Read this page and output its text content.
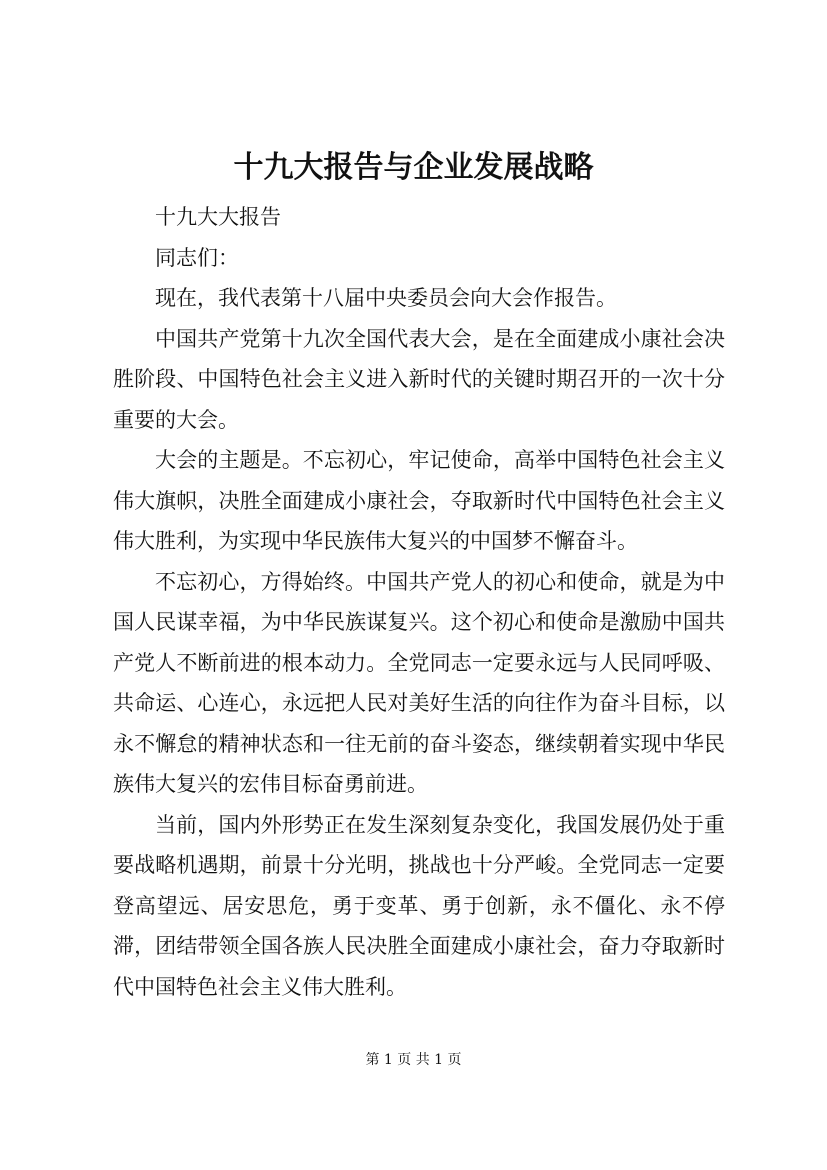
十九大报告与企业发展战略

十九大大报告

同志们：

现在，我代表第十八届中央委员会向大会作报告。

中国共产党第十九次全国代表大会，是在全面建成小康社会决胜阶段、中国特色社会主义进入新时代的关键时期召开的一次十分重要的大会。

大会的主题是。不忘初心，牢记使命，高举中国特色社会主义伟大旗帜，决胜全面建成小康社会，夺取新时代中国特色社会主义伟大胜利，为实现中华民族伟大复兴的中国梦不懈奋斗。

不忘初心，方得始终。中国共产党人的初心和使命，就是为中国人民谋幸福，为中华民族谋复兴。这个初心和使命是激励中国共产党人不断前进的根本动力。全党同志一定要永远与人民同呼吸、共命运、心连心，永远把人民对美好生活的向往作为奋斗目标，以永不懈怠的精神状态和一往无前的奋斗姿态，继续朝着实现中华民族伟大复兴的宏伟目标奋勇前进。

当前，国内外形势正在发生深刻复杂变化，我国发展仍处于重要战略机遇期，前景十分光明，挑战也十分严峻。全党同志一定要登高望远、居安思危，勇于变革、勇于创新，永不僵化、永不停滞，团结带领全国各族人民决胜全面建成小康社会，奋力夺取新时代中国特色社会主义伟大胜利。

第 1 页 共 1 页
